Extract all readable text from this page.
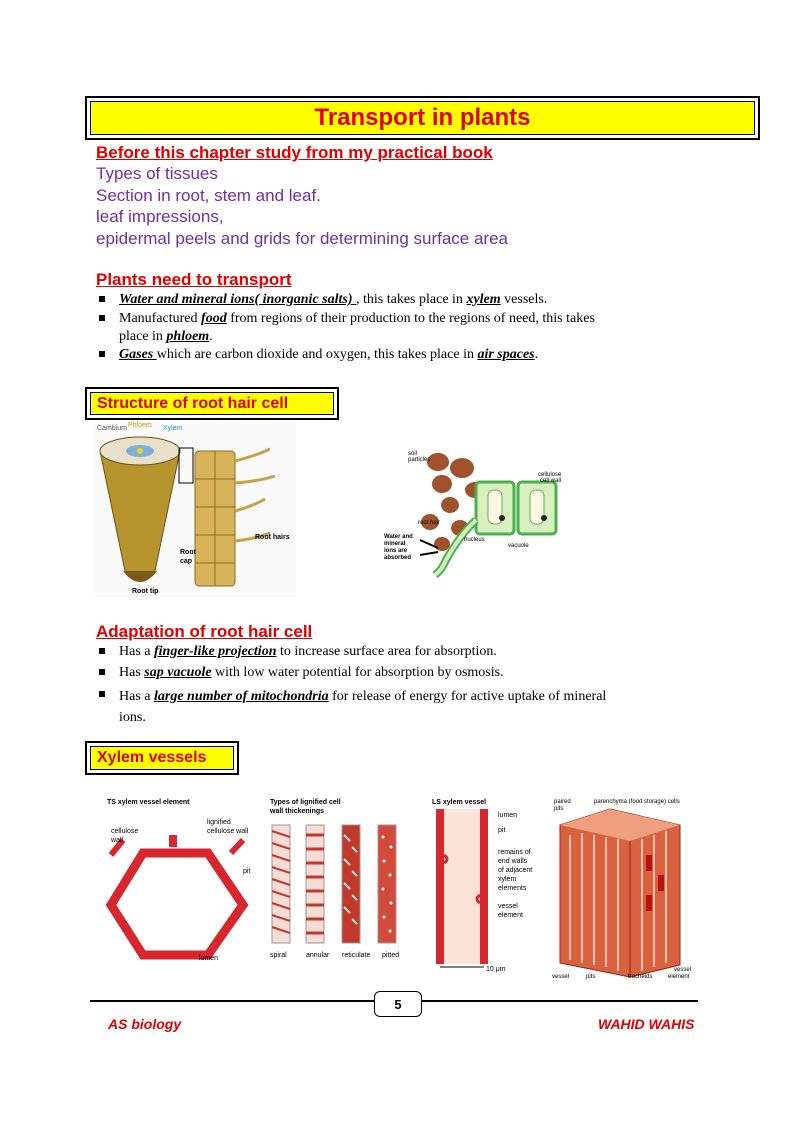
Transport in plants
Before this chapter study from my practical book
Types of tissues
Section in root, stem and leaf.
leaf impressions,
epidermal peels and grids for determining surface area
Plants need to transport
Water and mineral ions( inorganic salts) , this takes place in xylem vessels.
Manufactured food from regions of their production to the regions of need, this takes
place in phloem.
Gases which are carbon dioxide and oxygen, this takes place in air spaces.
Structure of root hair cell
Cambium Phloem Xylem
Root hairs
Root
cap
Root tip
soil
particles
cellulose
cell wall
root hair
Water and
mineral
ions are
absorbed
nucleus
vacuole
Adaptation of root hair cell
Has a finger-like projection to increase surface area for absorption.
Has sap vacuole with low water potential for absorption by osmosis.
Has a large number of mitochondria for release of energy for active uptake of mineral
ions.
Xylem vessels
TS xylem vessel element
lignified
cellulose wall
cellulose
wall
pit
lumen
Types of lignified cell
wall thickenings
spiral	annular reticulate pitted
LS xylem vessel
lumen
pit
remains of
end walls
of adjacent
xylem
elements
vessel
element
10 μm
paired
pits
parenchyma (food storage) cells
vessel	pits	tracheids
vessel
element
5
AS biology	WAHID WAHIS
